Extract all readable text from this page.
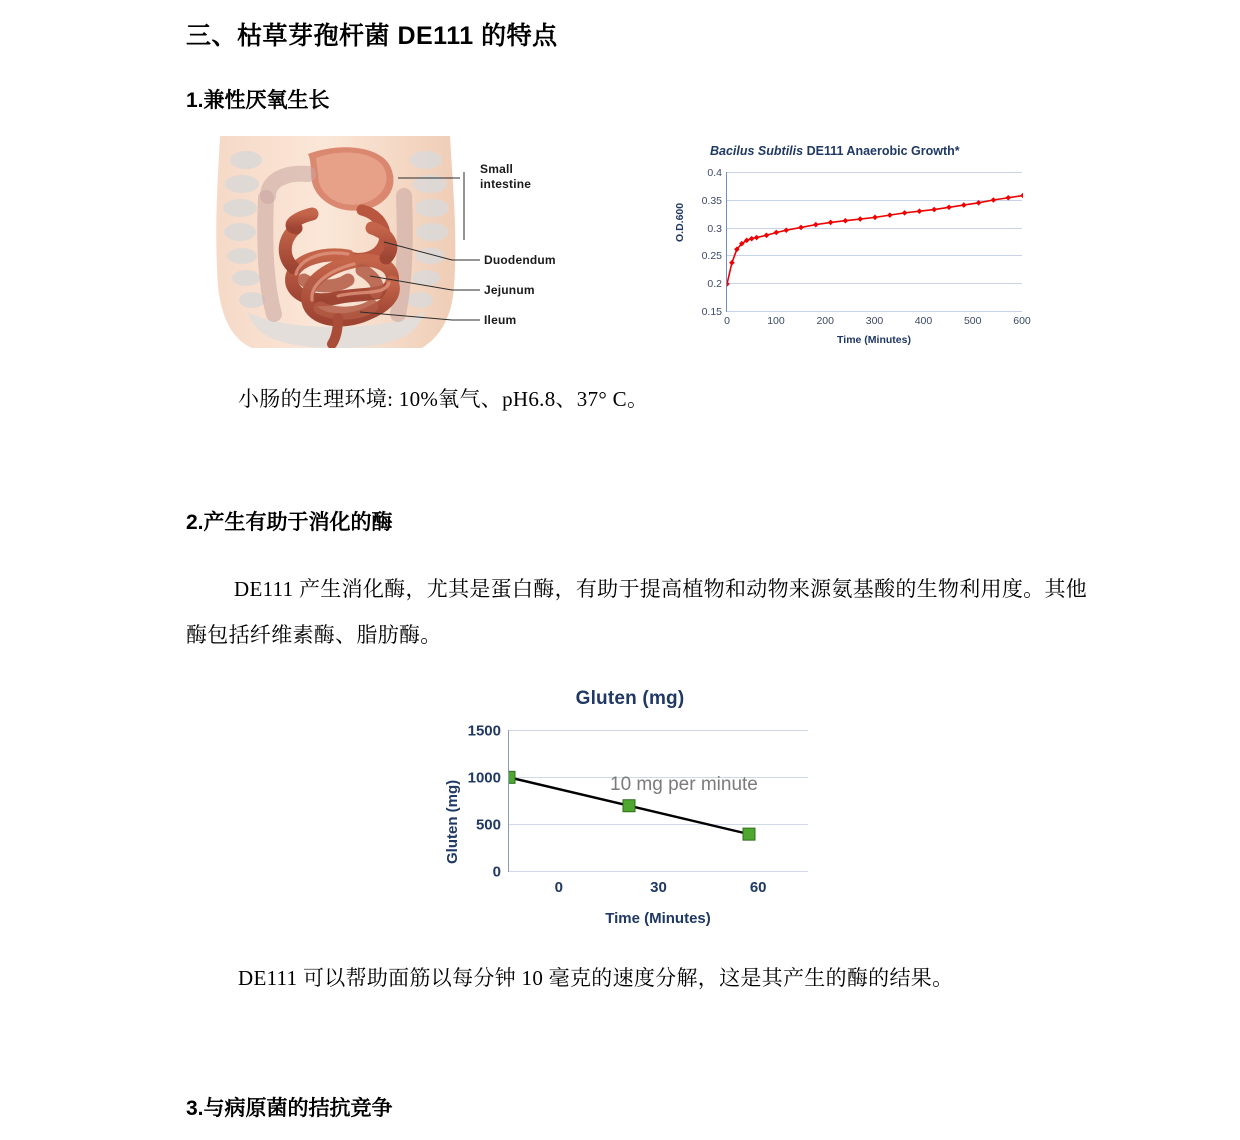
三、枯草芽孢杆菌 DE111 的特点
1.兼性厌氧生长
Small
intestine
Duodendum
Jejunum
Ileum
Bacilus Subtilis DE111 Anaerobic Growth*
O.D.600
0.4
0.35
0.3
0.25
0.2
0.15
0	100	200	300	400	500	600
Time (Minutes)
小肠的生理环境: 10%氧气、pH6.8、37° C。
2.产生有助于消化的酶
DE111 产生消化酶，尤其是蛋白酶，有助于提高植物和动物来源氨基酸的生物利用度。其他酶包括纤维素酶、脂肪酶。
Gluten (mg)
Gluten (mg)
1500
1000
500
0
0	30	60
10 mg per minute
Time (Minutes)
DE111 可以帮助面筋以每分钟 10 毫克的速度分解，这是其产生的酶的结果。
3.与病原菌的拮抗竞争
